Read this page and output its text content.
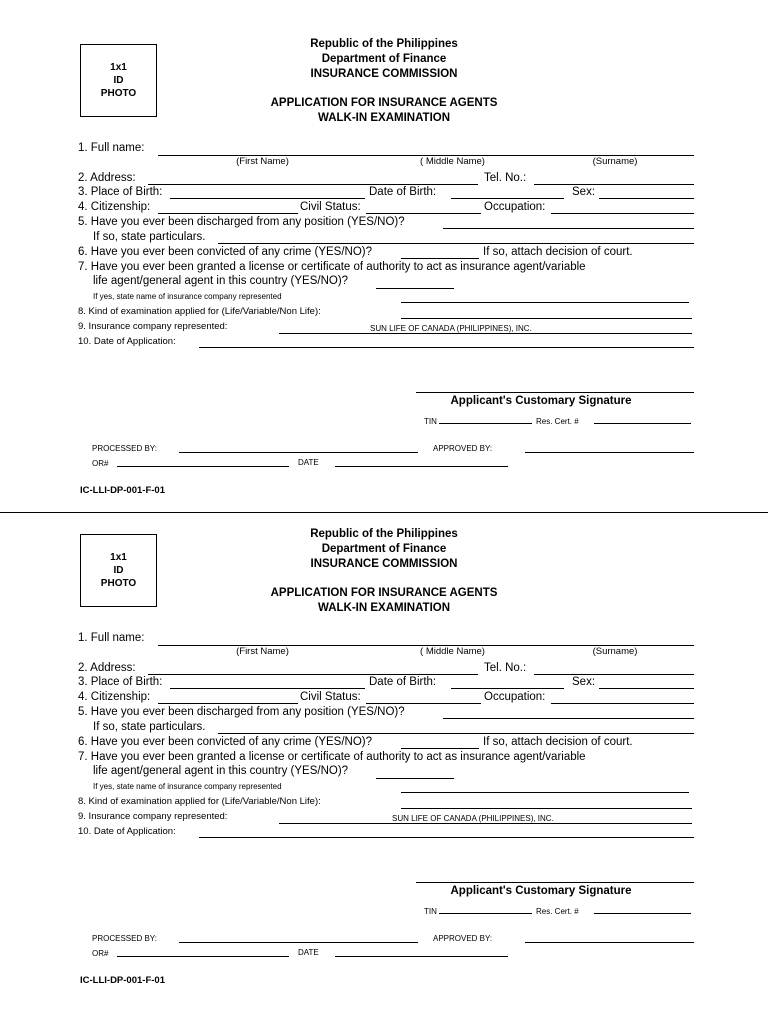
1x1
ID
PHOTO
Republic of the Philippines
Department of Finance
INSURANCE COMMISSION
APPLICATION FOR INSURANCE AGENTS
WALK-IN EXAMINATION
1. Full name:
(First Name)	( Middle Name)	(Surname)
2. Address:	Tel. No.:
3. Place of Birth:	Date of Birth:	Sex:
4. Citizenship:	Civil Status:	Occupation:
5. Have you ever been discharged from any position (YES/NO)?
If so, state particulars.
6. Have you ever been convicted of any crime (YES/NO)?	If so, attach decision of court.
7. Have you ever been granted a license or certificate of authority to act as insurance agent/variable
life agent/general agent in this country (YES/NO)?
If yes, state name of insurance company represented
8. Kind of examination applied for (Life/Variable/Non Life):
9. Insurance company represented:	SUN LIFE OF CANADA (PHILIPPINES), INC.
10. Date of Application:
Applicant's Customary Signature
TIN	Res. Cert. #
PROCESSED BY:	APPROVED BY:
OR#	DATE
IC-LLI-DP-001-F-01
1x1
ID
PHOTO
Republic of the Philippines
Department of Finance
INSURANCE COMMISSION
APPLICATION FOR INSURANCE AGENTS
WALK-IN EXAMINATION
1. Full name:
(First Name)	( Middle Name)	(Surname)
2. Address:	Tel. No.:
3. Place of Birth:	Date of Birth:	Sex:
4. Citizenship:	Civil Status:	Occupation:
5. Have you ever been discharged from any position (YES/NO)?
If so, state particulars.
6. Have you ever been convicted of any crime (YES/NO)?	If so, attach decision of court.
7. Have you ever been granted a license or certificate of authority to act as insurance agent/variable
life agent/general agent in this country (YES/NO)?
If yes, state name of insurance company represented
8. Kind of examination applied for (Life/Variable/Non Life):
9. Insurance company represented:	SUN LIFE OF CANADA (PHILIPPINES), INC.
10. Date of Application:
Applicant's Customary Signature
TIN	Res. Cert. #
PROCESSED BY:	APPROVED BY:
OR#	DATE
IC-LLI-DP-001-F-01
